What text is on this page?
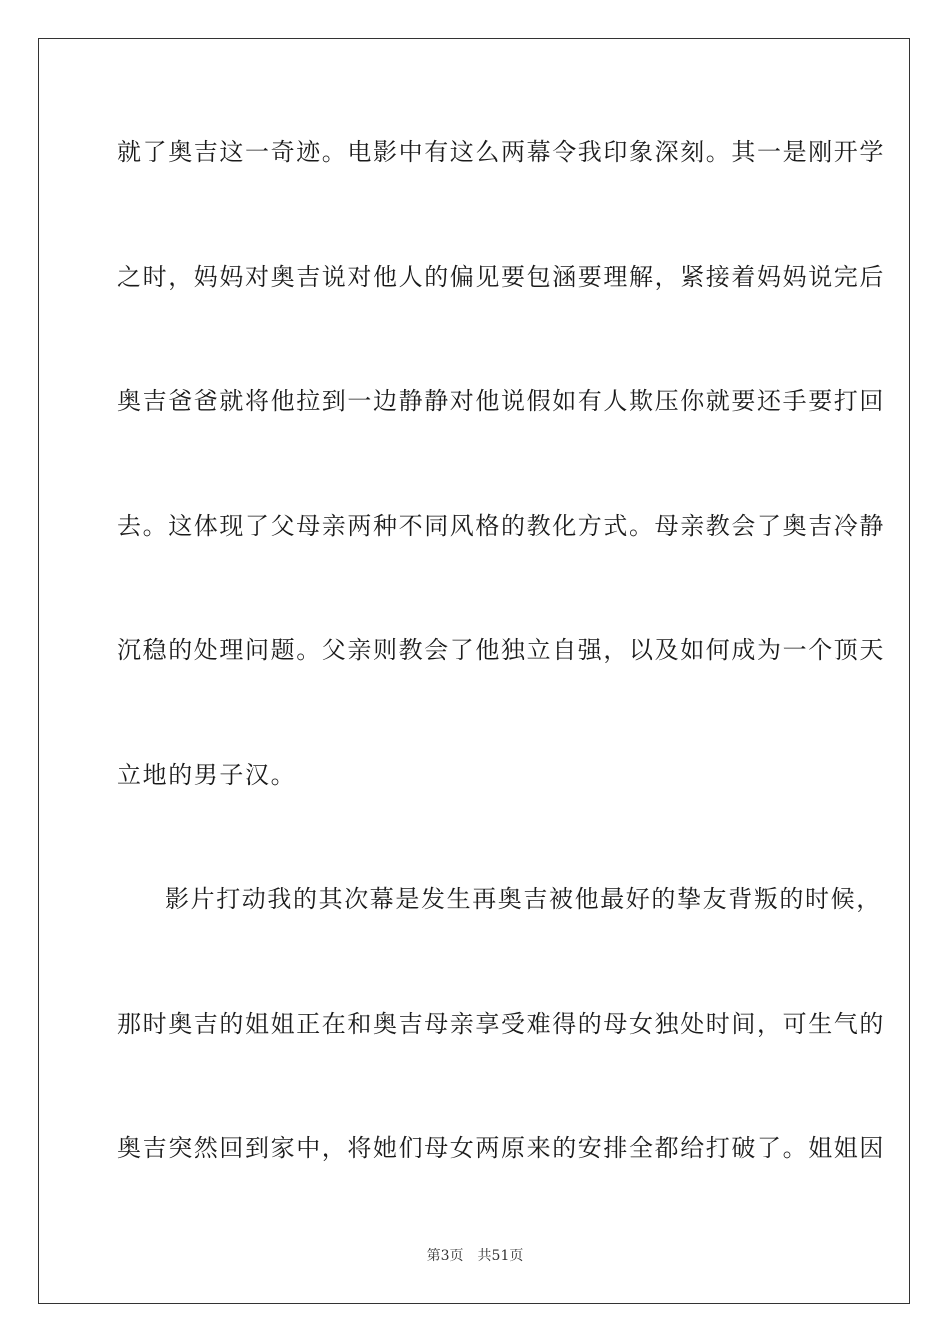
就了奥吉这一奇迹。电影中有这么两幕令我印象深刻。其一是刚开学
之时，妈妈对奥吉说对他人的偏见要包涵要理解，紧接着妈妈说完后
奥吉爸爸就将他拉到一边静静对他说假如有人欺压你就要还手要打回
去。这体现了父母亲两种不同风格的教化方式。母亲教会了奥吉冷静
沉稳的处理问题。父亲则教会了他独立自强，以及如何成为一个顶天
立地的男子汉。
影片打动我的其次幕是发生再奥吉被他最好的挚友背叛的时候，
那时奥吉的姐姐正在和奥吉母亲享受难得的母女独处时间，可生气的
奥吉突然回到家中，将她们母女两原来的安排全都给打破了。姐姐因
第3页 共51页
